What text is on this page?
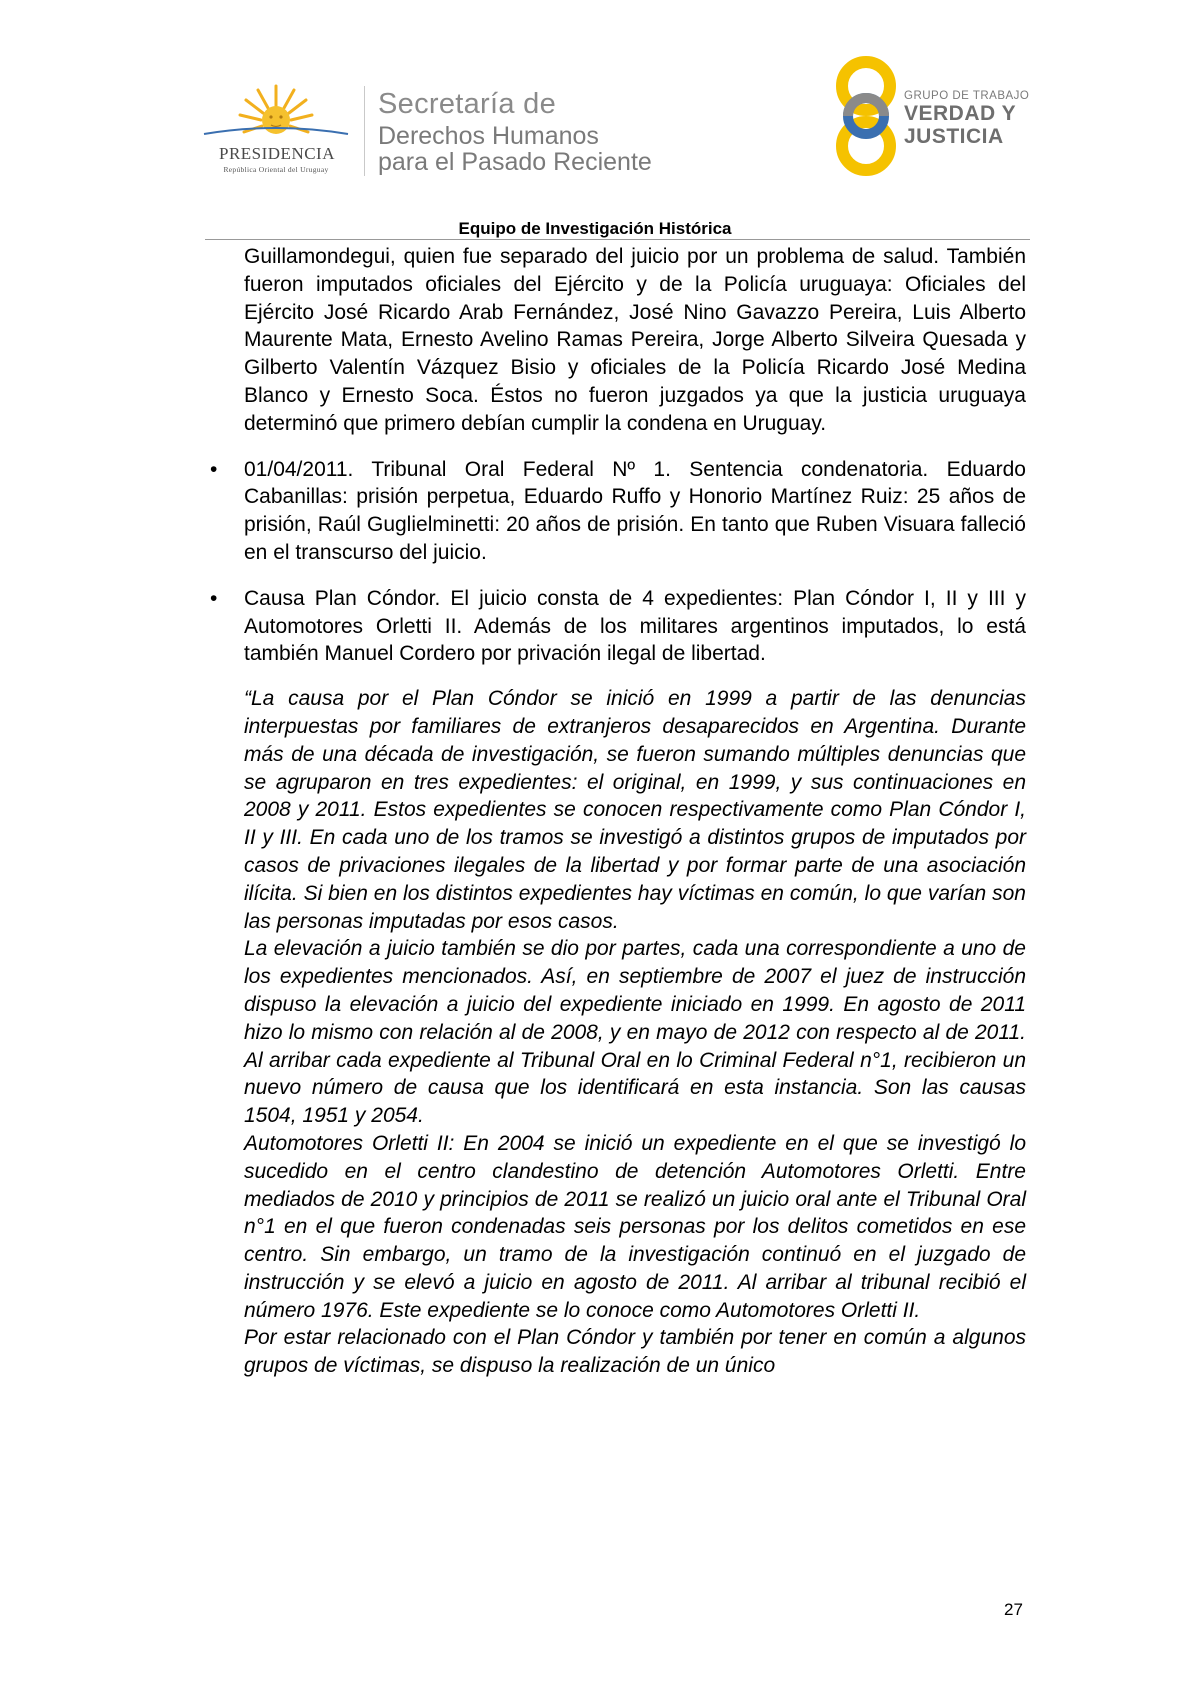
PRESIDENCIA
República Oriental del Uruguay
Secretaría de
Derechos Humanos
para el Pasado Reciente
GRUPO DE TRABAJO
VERDAD Y
JUSTICIA
Equipo de Investigación Histórica

Guillamondegui, quien fue separado del juicio por un problema de salud. También fueron imputados oficiales del Ejército y de la Policía uruguaya: Oficiales del Ejército José Ricardo Arab Fernández, José Nino Gavazzo Pereira, Luis Alberto Maurente Mata, Ernesto Avelino Ramas Pereira, Jorge Alberto Silveira Quesada y Gilberto Valentín Vázquez Bisio y oficiales de la Policía Ricardo José Medina Blanco y Ernesto Soca. Éstos no fueron juzgados ya que la justicia uruguaya determinó que primero debían cumplir la condena en Uruguay.

• 01/04/2011. Tribunal Oral Federal Nº 1. Sentencia condenatoria. Eduardo Cabanillas: prisión perpetua, Eduardo Ruffo y Honorio Martínez Ruiz: 25 años de prisión, Raúl Guglielminetti: 20 años de prisión. En tanto que Ruben Visuara falleció en el transcurso del juicio.

• Causa Plan Cóndor. El juicio consta de 4 expedientes: Plan Cóndor I, II y III y Automotores Orletti II. Además de los militares argentinos imputados, lo está también Manuel Cordero por privación ilegal de libertad.

“La causa por el Plan Cóndor se inició en 1999 a partir de las denuncias interpuestas por familiares de extranjeros desaparecidos en Argentina. Durante más de una década de investigación, se fueron sumando múltiples denuncias que se agruparon en tres expedientes: el original, en 1999, y sus continuaciones en 2008 y 2011. Estos expedientes se conocen respectivamente como Plan Cóndor I, II y III. En cada uno de los tramos se investigó a distintos grupos de imputados por casos de privaciones ilegales de la libertad y por formar parte de una asociación ilícita. Si bien en los distintos expedientes hay víctimas en común, lo que varían son las personas imputadas por esos casos.

La elevación a juicio también se dio por partes, cada una correspondiente a uno de los expedientes mencionados. Así, en septiembre de 2007 el juez de instrucción dispuso la elevación a juicio del expediente iniciado en 1999. En agosto de 2011 hizo lo mismo con relación al de 2008, y en mayo de 2012 con respecto al de 2011. Al arribar cada expediente al Tribunal Oral en lo Criminal Federal n°1, recibieron un nuevo número de causa que los identificará en esta instancia. Son las causas 1504, 1951 y 2054.

Automotores Orletti II: En 2004 se inició un expediente en el que se investigó lo sucedido en el centro clandestino de detención Automotores Orletti. Entre mediados de 2010 y principios de 2011 se realizó un juicio oral ante el Tribunal Oral n°1 en el que fueron condenadas seis personas por los delitos cometidos en ese centro. Sin embargo, un tramo de la investigación continuó en el juzgado de instrucción y se elevó a juicio en agosto de 2011. Al arribar al tribunal recibió el número 1976. Este expediente se lo conoce como Automotores Orletti II.

Por estar relacionado con el Plan Cóndor y también por tener en común a algunos grupos de víctimas, se dispuso la realización de un único

27
